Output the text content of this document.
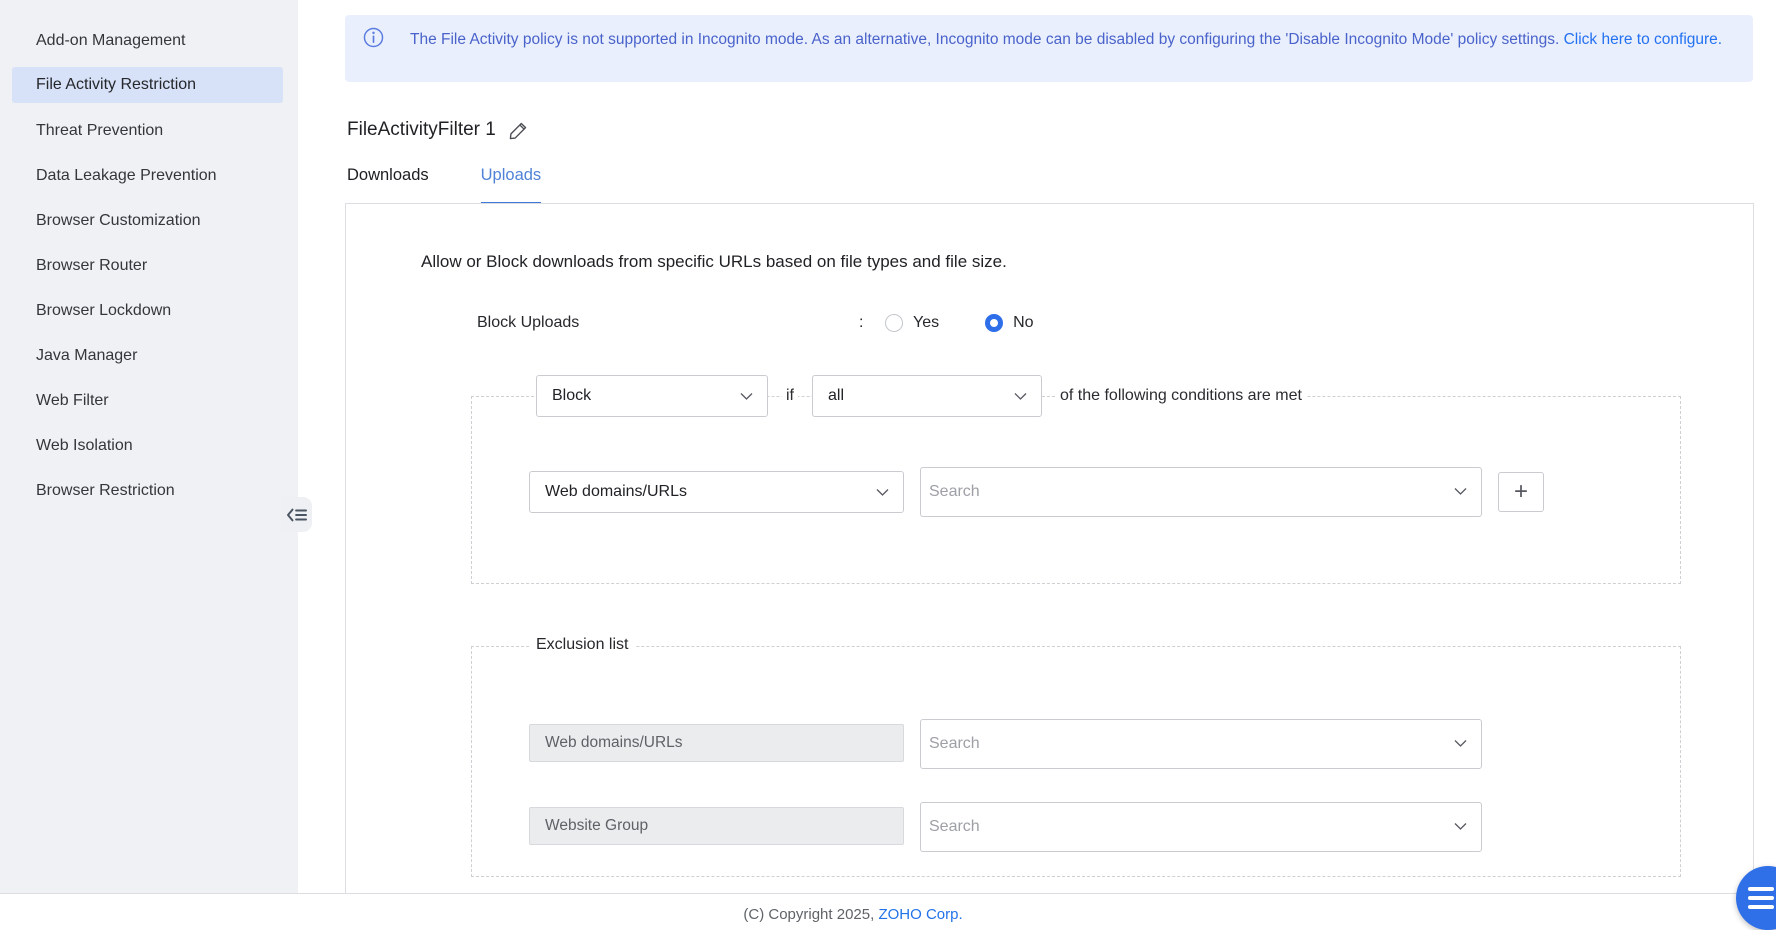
Add-on Management
File Activity Restriction
Threat Prevention
Data Leakage Prevention
Browser Customization
Browser Router
Browser Lockdown
Java Manager
Web Filter
Web Isolation
Browser Restriction
The File Activity policy is not supported in Incognito mode. As an alternative, Incognito mode can be disabled by configuring the 'Disable Incognito Mode' policy settings. Click here to configure.
FileActivityFilter 1
Downloads	Uploads
Allow or Block downloads from specific URLs based on file types and file size.
Block Uploads	:	Yes	No
Block	if all	of the following conditions are met
Web domains/URLs
Search	+
Exclusion list
Web domains/URLs
Search
Website Group
Search
(C) Copyright 2025, ZOHO Corp.
